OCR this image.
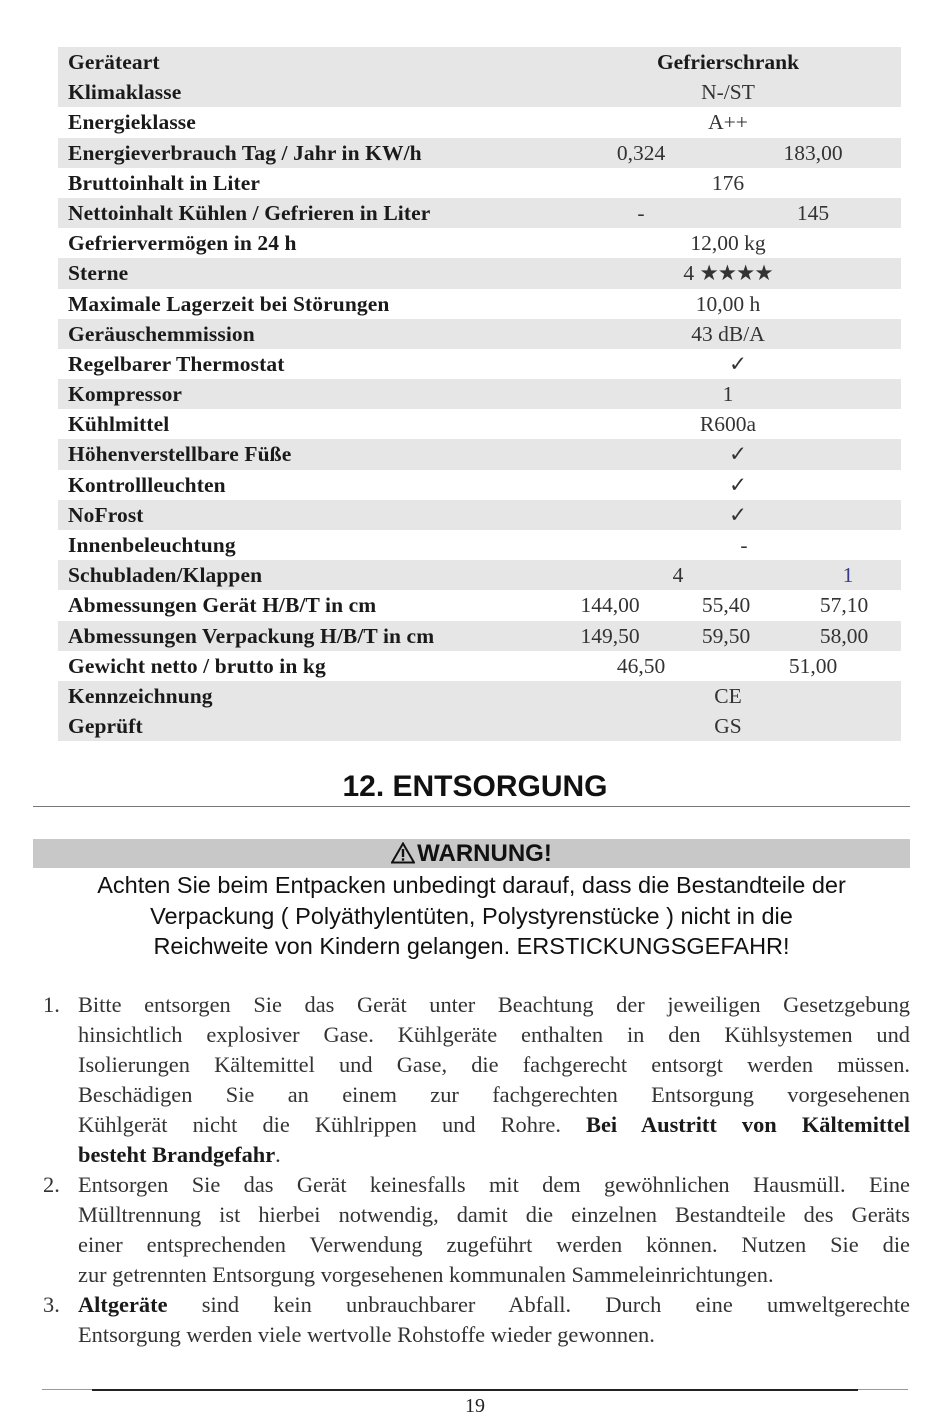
Geräteart	Gefrierschrank
Klimaklasse	N-/ST
Energieklasse	A++
Energieverbrauch Tag / Jahr in KW/h	0,324	183,00
Bruttoinhalt in Liter	176
Nettoinhalt Kühlen / Gefrieren in Liter	-	145
Gefriervermögen in 24 h	12,00 kg
Sterne	4 ★★★★
Maximale Lagerzeit bei Störungen	10,00 h
Geräuschemmission	43 dB/A
Regelbarer Thermostat	✓
Kompressor	1
Kühlmittel	R600a
Höhenverstellbare Füße	✓
Kontrollleuchten	✓
NoFrost	✓
Innenbeleuchtung	-
Schubladen/Klappen	4	1
Abmessungen Gerät H/B/T in cm	144,00	55,40	57,10
Abmessungen Verpackung H/B/T in cm	149,50	59,50	58,00
Gewicht netto / brutto in kg	46,50	51,00
Kennzeichnung	CE
Geprüft	GS
12. ENTSORGUNG
WARNUNG!
Achten Sie beim Entpacken unbedingt darauf, dass die Bestandteile der
Verpackung ( Polyäthylentüten, Polystyrenstücke ) nicht in die
Reichweite von Kindern gelangen. ERSTICKUNGSGEFAHR!
1. Bitte entsorgen Sie das Gerät unter Beachtung der jeweiligen Gesetzgebung
hinsichtlich explosiver Gase. Kühlgeräte enthalten in den Kühlsystemen und
Isolierungen Kältemittel und Gase, die fachgerecht entsorgt werden müssen.
Beschädigen Sie an einem zur fachgerechten Entsorgung vorgesehenen
Kühlgerät nicht die Kühlrippen und Rohre. Bei Austritt von Kältemittel
besteht Brandgefahr.
2. Entsorgen Sie das Gerät keinesfalls mit dem gewöhnlichen Hausmüll. Eine
Mülltrennung ist hierbei notwendig, damit die einzelnen Bestandteile des Geräts
einer entsprechenden Verwendung zugeführt werden können. Nutzen Sie die
zur getrennten Entsorgung vorgesehenen kommunalen Sammeleinrichtungen.
3. Altgeräte sind kein unbrauchbarer Abfall. Durch eine umweltgerechte
Entsorgung werden viele wertvolle Rohstoffe wieder gewonnen.
19
